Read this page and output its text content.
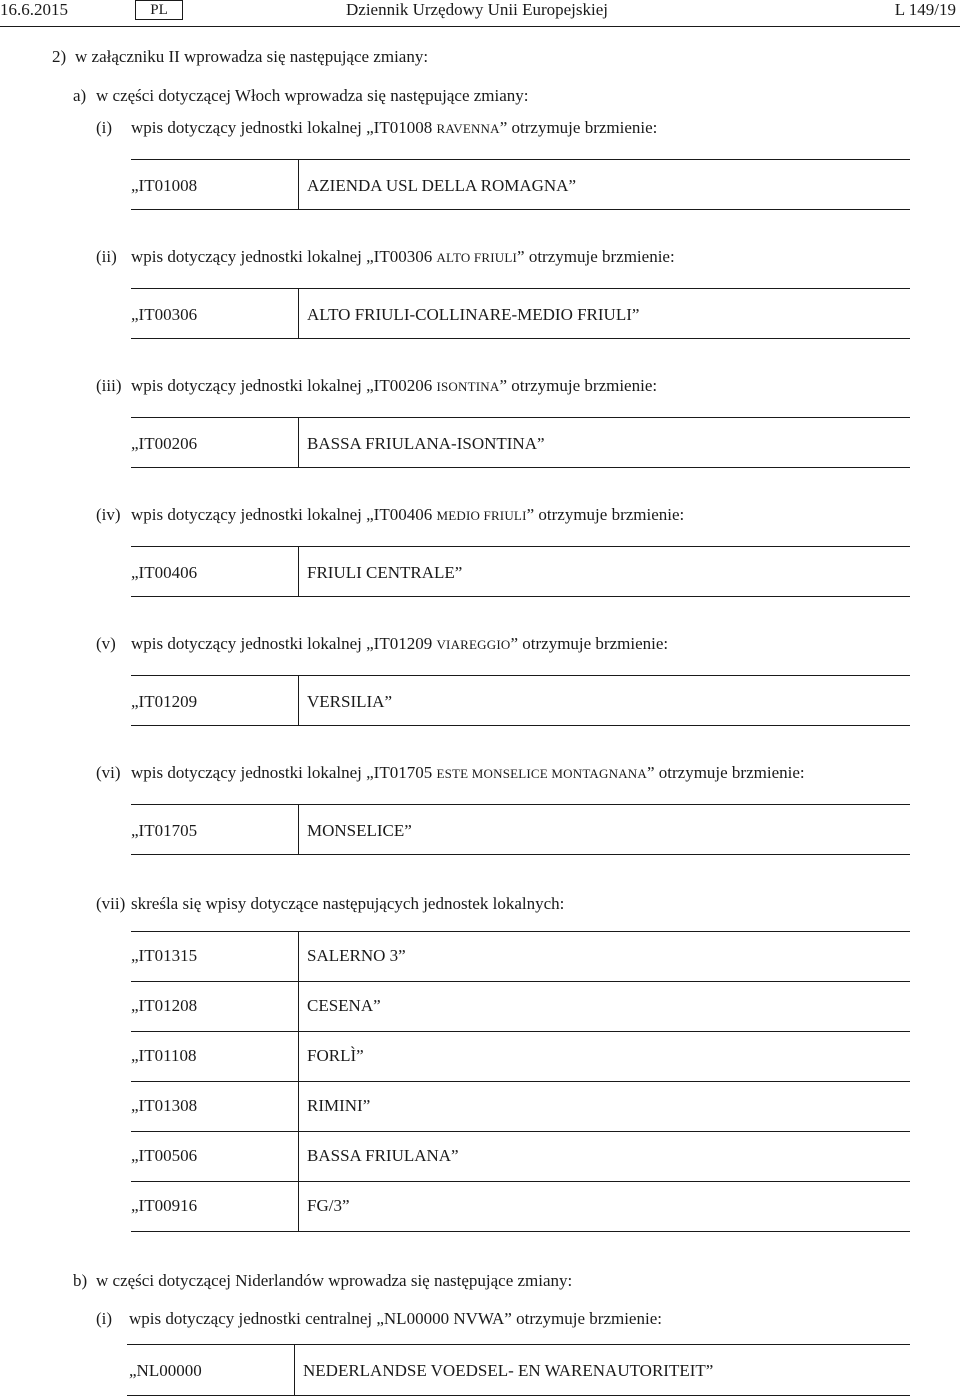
16.6.2015	PL	Dziennik Urzędowy Unii Europejskiej	L 149/19
2) w załączniku II wprowadza się następujące zmiany:
a) w części dotyczącej Włoch wprowadza się następujące zmiany:
(i) wpis dotyczący jednostki lokalnej „IT01008 RAVENNA” otrzymuje brzmienie:
„IT01008	AZIENDA USL DELLA ROMAGNA”
(ii) wpis dotyczący jednostki lokalnej „IT00306 ALTO FRIULI” otrzymuje brzmienie:
„IT00306	ALTO FRIULI-COLLINARE-MEDIO FRIULI”
(iii) wpis dotyczący jednostki lokalnej „IT00206 ISONTINA” otrzymuje brzmienie:
„IT00206	BASSA FRIULANA-ISONTINA”
(iv) wpis dotyczący jednostki lokalnej „IT00406 MEDIO FRIULI” otrzymuje brzmienie:
„IT00406	FRIULI CENTRALE”
(v) wpis dotyczący jednostki lokalnej „IT01209 VIAREGGIO” otrzymuje brzmienie:
„IT01209	VERSILIA”
(vi) wpis dotyczący jednostki lokalnej „IT01705 ESTE MONSELICE MONTAGNANA” otrzymuje brzmienie:
„IT01705	MONSELICE”
(vii) skreśla się wpisy dotyczące następujących jednostek lokalnych:
„IT01315	SALERNO 3”
„IT01208	CESENA”
„IT01108	FORLÌ”
„IT01308	RIMINI”
„IT00506	BASSA FRIULANA”
„IT00916	FG/3”
b) w części dotyczącej Niderlandów wprowadza się następujące zmiany:
(i) wpis dotyczący jednostki centralnej „NL00000 NVWA” otrzymuje brzmienie:
„NL00000	NEDERLANDSE VOEDSEL- EN WARENAUTORITEIT”
